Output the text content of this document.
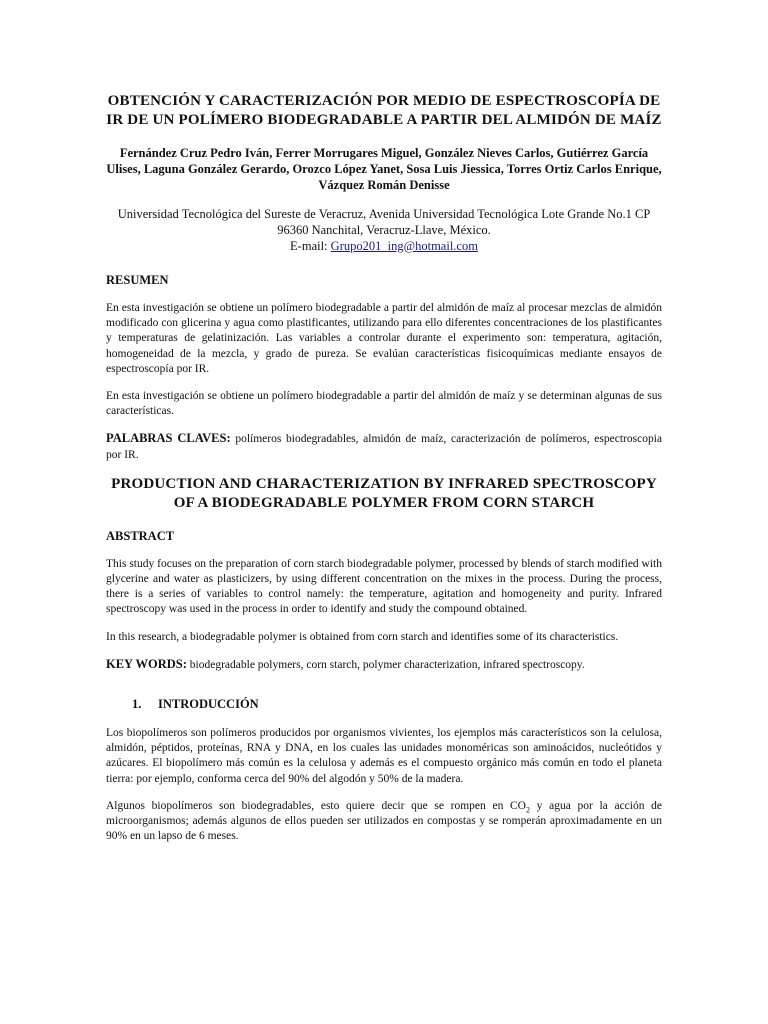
OBTENCIÓN Y CARACTERIZACIÓN POR MEDIO DE ESPECTROSCOPÍA DE IR DE UN POLÍMERO BIODEGRADABLE A PARTIR DEL ALMIDÓN DE MAÍZ
Fernández Cruz Pedro Iván, Ferrer Morrugares Miguel, González Nieves Carlos, Gutiérrez García Ulises, Laguna González Gerardo, Orozco López Yanet, Sosa Luis Jiessica, Torres Ortiz Carlos Enrique, Vázquez Román Denisse
Universidad Tecnológica del Sureste de Veracruz, Avenida Universidad Tecnológica Lote Grande No.1 CP
96360 Nanchital, Veracruz-Llave, México.
E-mail: Grupo201_ing@hotmail.com
RESUMEN

En esta investigación se obtiene un polímero biodegradable a partir del almidón de maíz al procesar mezclas de almidón modificado con glicerina y agua como plastificantes, utilizando para ello diferentes concentraciones de los plastificantes y temperaturas de gelatinización. Las variables a controlar durante el experimento son: temperatura, agitación, homogeneidad de la mezcla, y grado de pureza. Se evalúan características fisicoquímicas mediante ensayos de espectroscopía por IR.

En esta investigación se obtiene un polímero biodegradable a partir del almidón de maíz y se determinan algunas de sus características.

PALABRAS CLAVES: polímeros biodegradables, almidón de maíz, caracterización de polímeros, espectroscopia por IR.

PRODUCTION AND CHARACTERIZATION BY INFRARED SPECTROSCOPY OF A BIODEGRADABLE POLYMER FROM CORN STARCH
ABSTRACT

This study focuses on the preparation of corn starch biodegradable polymer, processed by blends of starch modified with glycerine and water as plasticizers, by using different concentration on the mixes in the process. During the process, there is a series of variables to control namely: the temperature, agitation and homogeneity and purity. Infrared spectroscopy was used in the process in order to identify and study the compound obtained.

In this research, a biodegradable polymer is obtained from corn starch and identifies some of its characteristics.

KEY WORDS: biodegradable polymers, corn starch, polymer characterization, infrared spectroscopy.

1. INTRODUCCIÓN

Los biopolímeros son polímeros producidos por organismos vivientes, los ejemplos más característicos son la celulosa, almidón, péptidos, proteínas, RNA y DNA, en los cuales las unidades monoméricas son aminoácidos, nucleótidos y azúcares. El biopolímero más común es la celulosa y además es el compuesto orgánico más común en todo el planeta tierra: por ejemplo, conforma cerca del 90% del algodón y 50% de la madera.

Algunos biopolímeros son biodegradables, esto quiere decir que se rompen en $CO_2$ y agua por la acción de microorganismos; además algunos de ellos pueden ser utilizados en compostas y se romperán aproximadamente en un 90% en un lapso de 6 meses.
